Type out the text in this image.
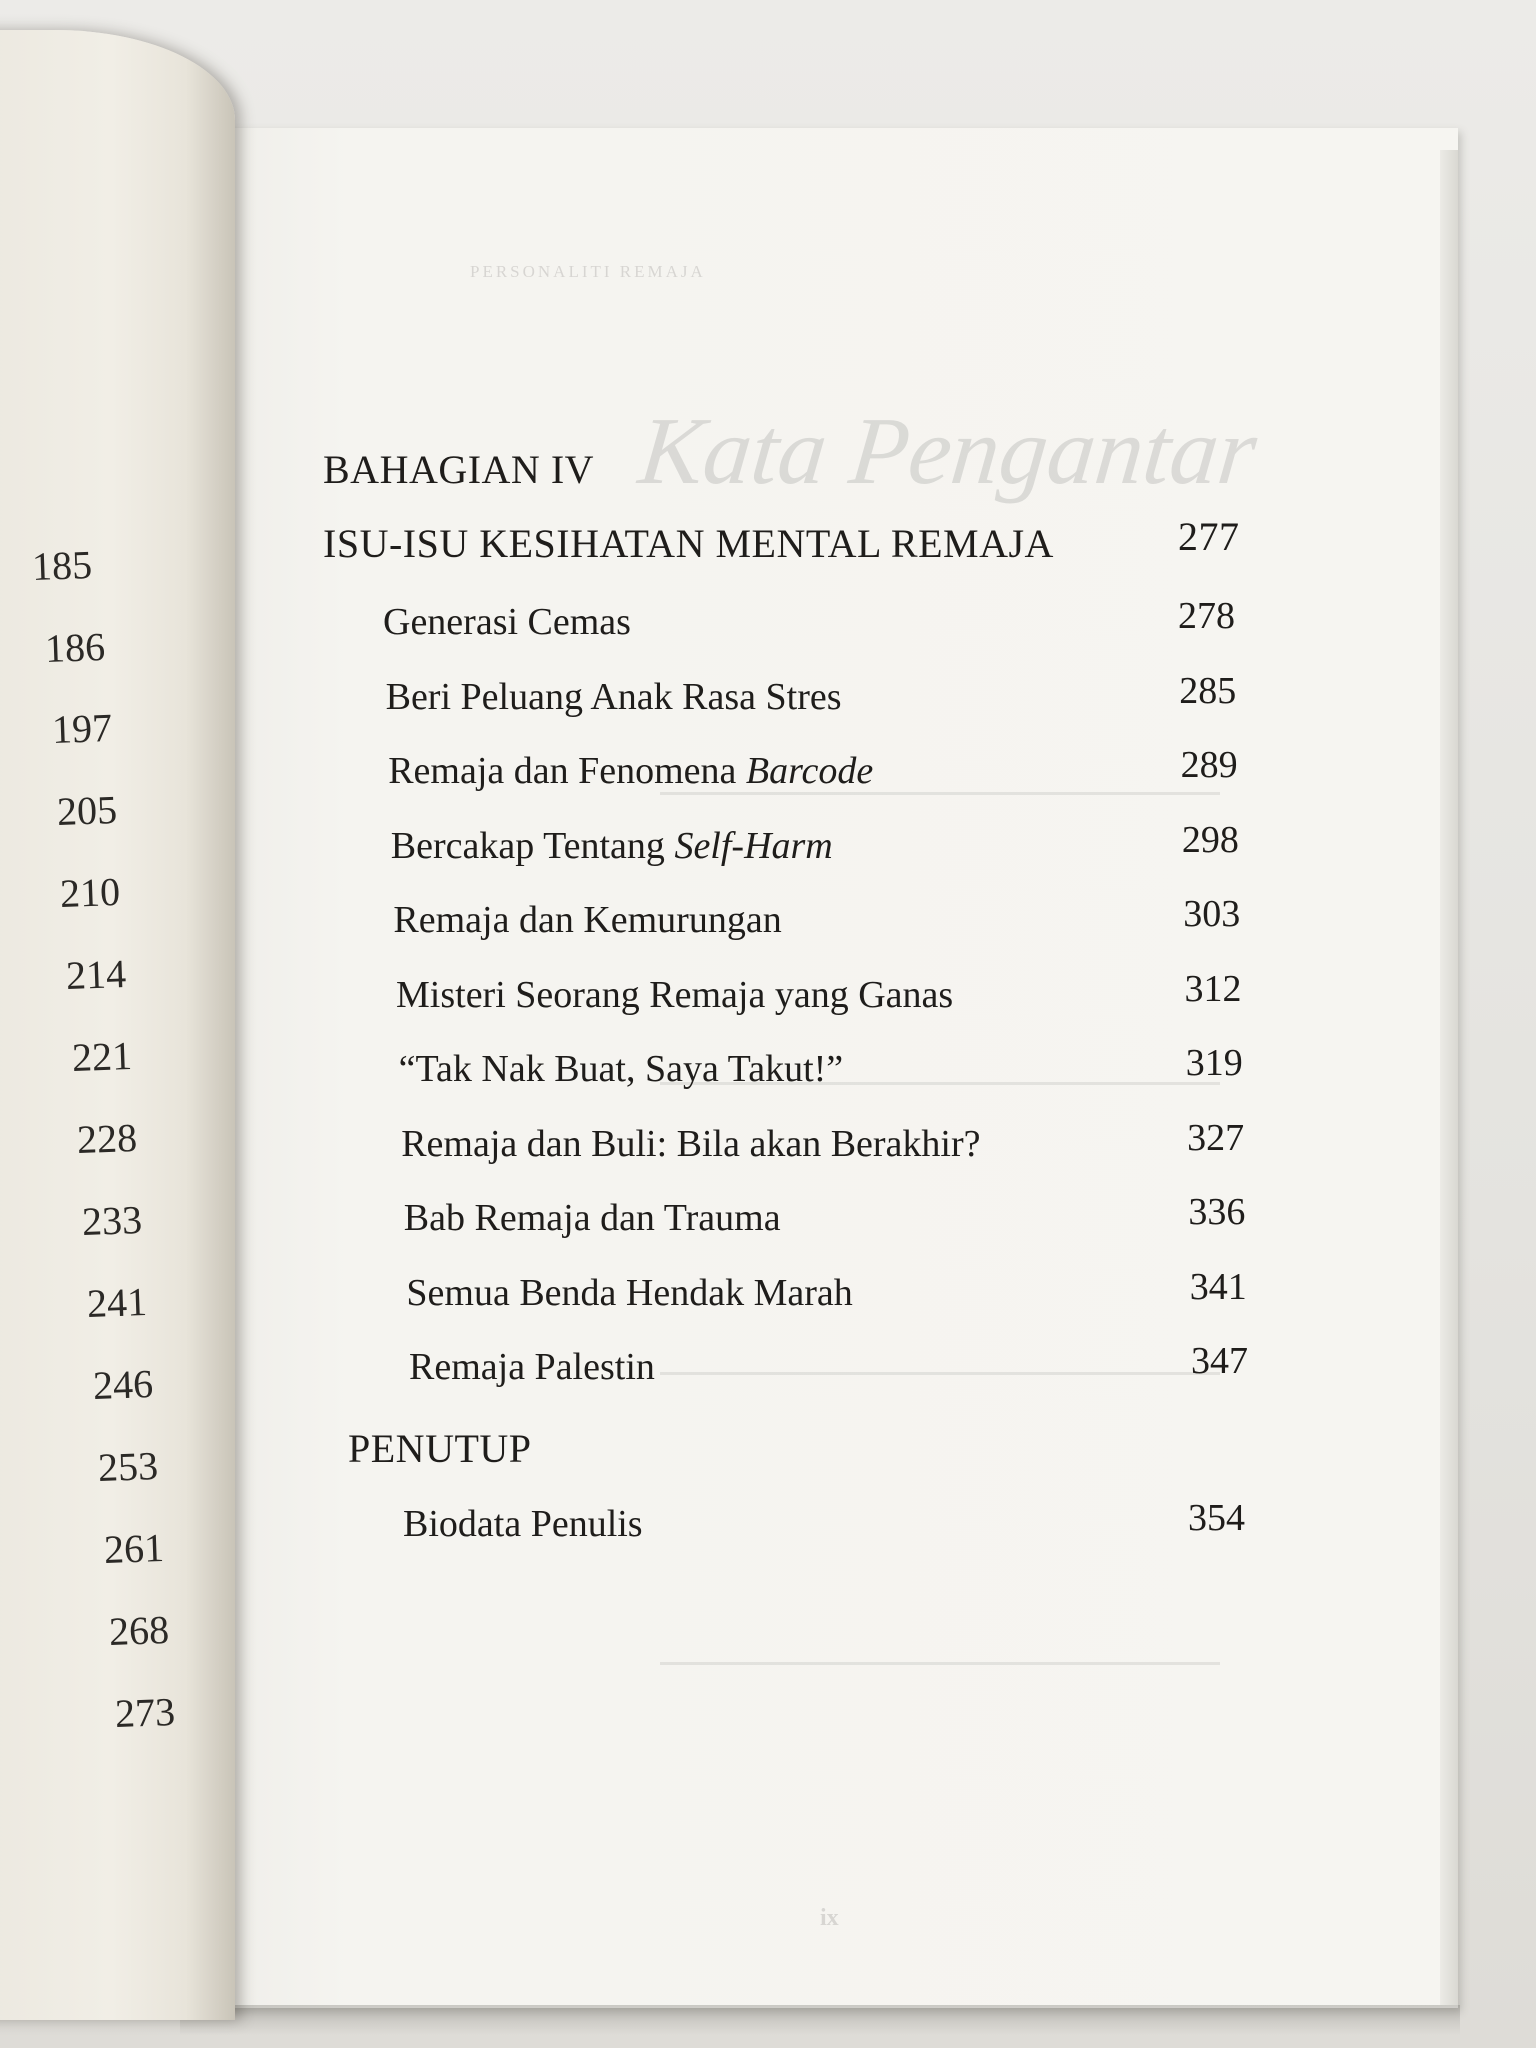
PERSONALITI REMAJA
Kata Pengantar
ix
185
186
197
205
210
214
221
228
233
241
246
253
261
268
273
BAHAGIAN IV
ISU-ISU KESIHATAN MENTAL REMAJA	277
Generasi Cemas	278
Beri Peluang Anak Rasa Stres	285
Remaja dan Fenomena Barcode	289
Bercakap Tentang Self-Harm	298
Remaja dan Kemurungan	303
Misteri Seorang Remaja yang Ganas	312
“Tak Nak Buat, Saya Takut!”	319
Remaja dan Buli: Bila akan Berakhir?	327
Bab Remaja dan Trauma	336
Semua Benda Hendak Marah	341
Remaja Palestin	347
PENUTUP
Biodata Penulis	354
